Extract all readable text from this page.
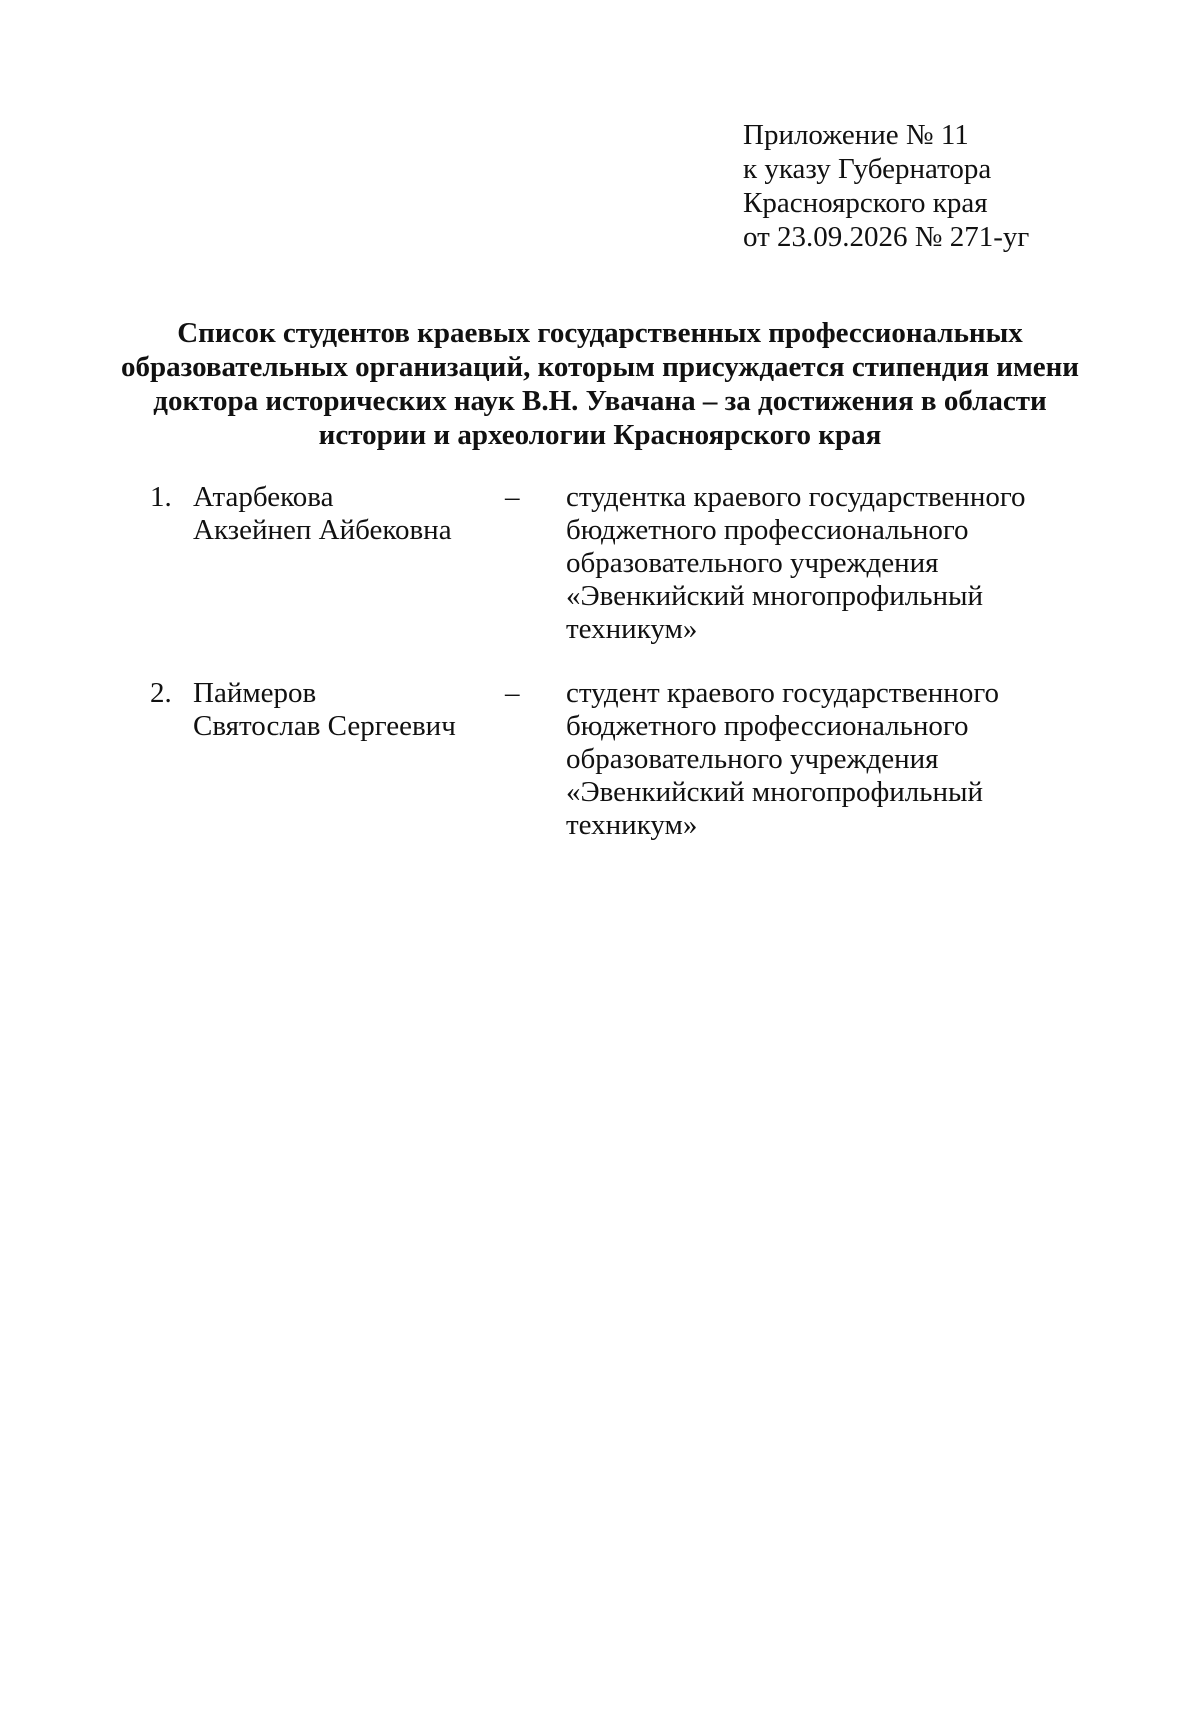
Приложение № 11
к указу Губернатора
Красноярского края
от 23.09.2026 № 271-уг
Список студентов краевых государственных профессиональных
образовательных организаций, которым присуждается стипендия имени
доктора исторических наук В.Н. Увачана – за достижения в области
истории и археологии Красноярского края
1. Атарбекова
Акзейнеп Айбековна
– студентка краевого государственного
бюджетного профессионального
образовательного учреждения
«Эвенкийский многопрофильный
техникум»
2. Паймеров
Святослав Сергеевич
– студент краевого государственного
бюджетного профессионального
образовательного учреждения
«Эвенкийский многопрофильный
техникум»
